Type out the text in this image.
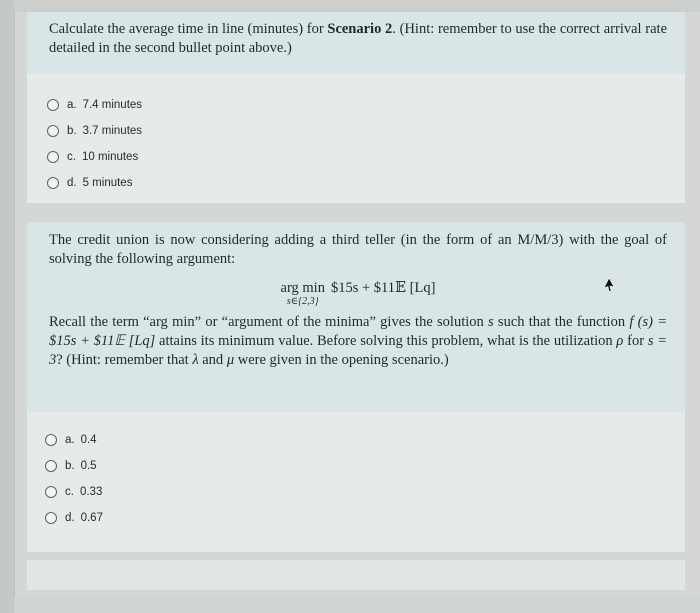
Calculate the average time in line (minutes) for Scenario 2. (Hint: remember to use the correct arrival rate detailed in the second bullet point above.)
a. 7.4 minutes
b. 3.7 minutes
c. 10 minutes
d. 5 minutes
The credit union is now considering adding a third teller (in the form of an M/M/3) with the goal of solving the following argument:
arg min
s∈{2,3}
$15s + $11𝔼 [Lq]
Recall the term “arg min” or “argument of the minima” gives the solution s such that the function f (s) = $15s + $11𝔼 [Lq] attains its minimum value. Before solving this problem, what is the utilization ρ for s = 3? (Hint: remember that λ and μ were given in the opening scenario.)
a. 0.4
b. 0.5
c. 0.33
d. 0.67
